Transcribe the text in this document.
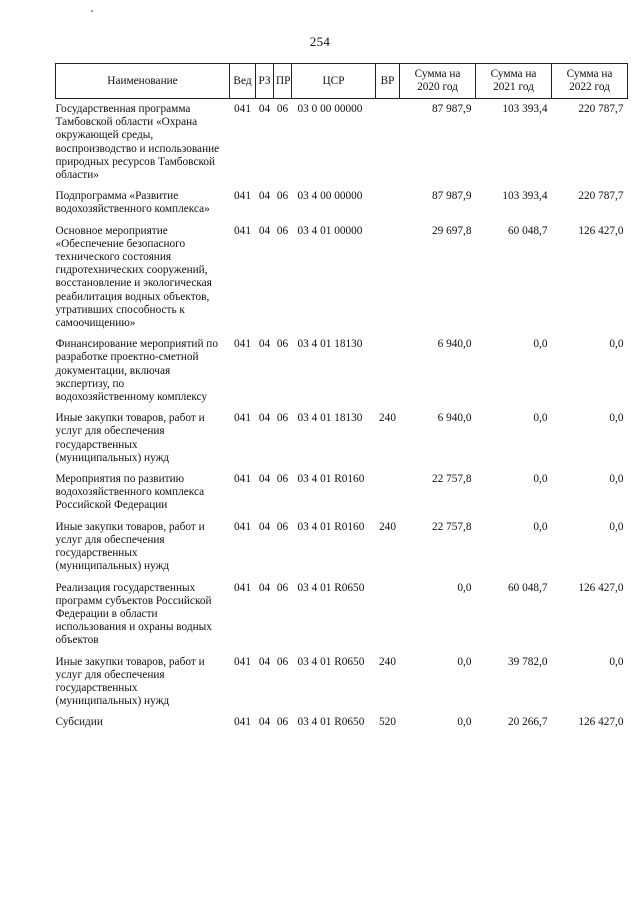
254
Наименование	Вед	РЗ	ПР	ЦСР	ВР	Сумма на 2020 год	Сумма на 2021 год	Сумма на 2022 год
Государственная программа Тамбовской области «Охрана окружающей среды, воспроизводство и использование природных ресурсов Тамбовской области»	041	04	06	03 0 00 00000		87 987,9	103 393,4	220 787,7
Подпрограмма «Развитие водохозяйственного комплекса»	041	04	06	03 4 00 00000		87 987,9	103 393,4	220 787,7
Основное мероприятие «Обеспечение безопасного технического состояния гидротехнических сооружений, восстановление и экологическая реабилитация водных объектов, утративших способность к самоочищению»	041	04	06	03 4 01 00000		29 697,8	60 048,7	126 427,0
Финансирование мероприятий по разработке проектно-сметной документации, включая экспертизу, по водохозяйственному комплексу	041	04	06	03 4 01 18130		6 940,0	0,0	0,0
Иные закупки товаров, работ и услуг для обеспечения государственных (муниципальных) нужд	041	04	06	03 4 01 18130	240	6 940,0	0,0	0,0
Мероприятия по развитию водохозяйственного комплекса Российской Федерации	041	04	06	03 4 01 R0160		22 757,8	0,0	0,0
Иные закупки товаров, работ и услуг для обеспечения государственных (муниципальных) нужд	041	04	06	03 4 01 R0160	240	22 757,8	0,0	0,0
Реализация государственных программ субъектов Российской Федерации в области использования и охраны водных объектов	041	04	06	03 4 01 R0650		0,0	60 048,7	126 427,0
Иные закупки товаров, работ и услуг для обеспечения государственных (муниципальных) нужд	041	04	06	03 4 01 R0650	240	0,0	39 782,0	0,0
Субсидии	041	04	06	03 4 01 R0650	520	0,0	20 266,7	126 427,0
